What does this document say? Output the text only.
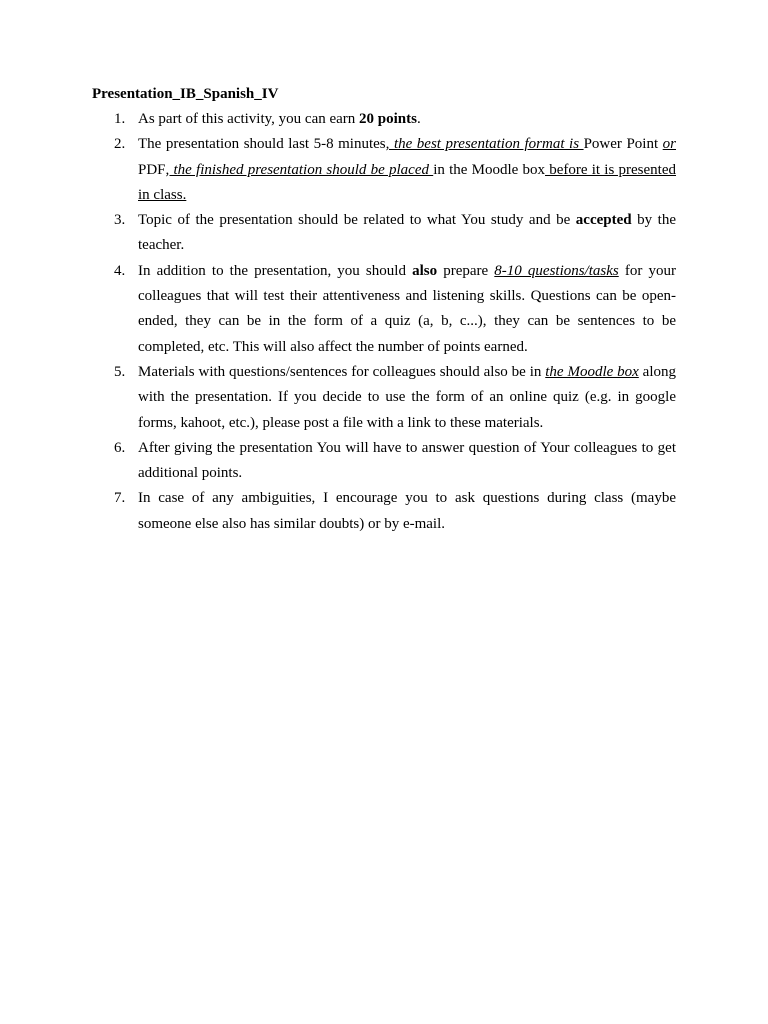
Presentation_IB_Spanish_IV
1. As part of this activity, you can earn 20 points.
2. The presentation should last 5-8 minutes, the best presentation format is Power Point or PDF, the finished presentation should be placed in the Moodle box before it is presented in class.
3. Topic of the presentation should be related to what You study and be accepted by the teacher.
4. In addition to the presentation, you should also prepare 8-10 questions/tasks for your colleagues that will test their attentiveness and listening skills. Questions can be open-ended, they can be in the form of a quiz (a, b, c...), they can be sentences to be completed, etc. This will also affect the number of points earned.
5. Materials with questions/sentences for colleagues should also be in the Moodle box along with the presentation. If you decide to use the form of an online quiz (e.g. in google forms, kahoot, etc.), please post a file with a link to these materials.
6. After giving the presentation You will have to answer question of Your colleagues to get additional points.
7. In case of any ambiguities, I encourage you to ask questions during class (maybe someone else also has similar doubts) or by e-mail.
